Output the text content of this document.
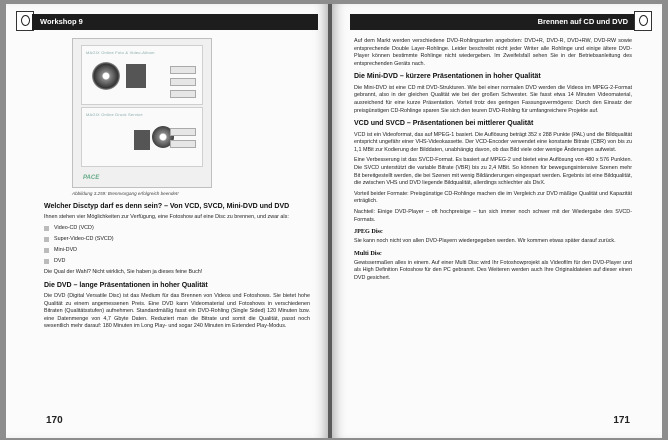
Workshop 9
MAGIX Online Foto & Video-Album
MAGIX Online Druck Service
PACE
Abbildung 3.259: Brennvorgang erfolgreich beendet!
Welcher Disctyp darf es denn sein? – Von VCD, SVCD, Mini-DVD und DVD

Ihnen stehen vier Möglichkeiten zur Verfügung, eine Fotoshow auf eine Disc zu brennen, und zwar als:

Video-CD (VCD)
Super-Video-CD (SVCD)
Mini-DVD
DVD

Die Qual der Wahl? Nicht wirklich, Sie haben ja dieses feine Buch!

Die DVD – lange Präsentationen in hoher Qualität

Die DVD (Digital Versatile Disc) ist das Medium für das Brennen von Videos und Fotoshows. Sie bietet hohe Qualität zu einem angemessenen Preis. Eine DVD kann Videomaterial und Fotoshows in verschiedenen Bitraten (Qualitätsstufen) aufnehmen. Standardmäßig fasst ein DVD-Rohling (Single Sided) 120 Minuten bzw. eine Datenmenge von 4,7 Gbyte Daten. Reduziert man die Bitrate und somit die Qualität, passt noch wesentlich mehr darauf: 180 Minuten im Long Play- und sogar 240 Minuten im Extended Play-Modus.

170
Brennen auf CD und DVD

Auf dem Markt werden verschiedene DVD-Rohlingsarten angeboten: DVD+R, DVD-R, DVD+RW, DVD-RW sowie entsprechende Double Layer-Rohlinge. Leider beschreibt nicht jeder Writer alle Rohlinge und einige ältere DVD-Player können bestimmte Rohlinge nicht wiedergeben. Im Zweifelsfall sehen Sie in der Betriebsanleitung des entsprechenden Geräts nach.

Die Mini-DVD – kürzere Präsentationen in hoher Qualität

Die Mini-DVD ist eine CD mit DVD-Strukturen. Wie bei einer normalen DVD werden die Videos im MPEG-2-Format gebrannt, also in der gleichen Qualität wie bei der großen Schwester. Sie fasst etwa 14 Minuten Videomaterial, ausreichend für eine kurze Präsentation. Vorteil trotz des geringen Fassungsvermögens: Durch den Einsatz der preisgünstigen CD-Rohlinge sparen Sie sich den teuren DVD-Rohling für umfangreichere Projekte auf.

VCD und SVCD – Präsentationen bei mittlerer Qualität

VCD ist ein Videoformat, das auf MPEG-1 basiert. Die Auflösung beträgt 352 x 288 Punkte (PAL) und die Bildqualität entspricht ungefähr einer VHS-Videokassette. Der VCD-Encoder verwendet eine konstante Bitrate (CBR) von bis zu 1,1 MBit zur Kodierung der Bilddaten, unabhängig davon, ob das Bild viele oder wenige Änderungen aufweist.

Eine Verbesserung ist das SVCD-Format. Es basiert auf MPEG-2 und bietet eine Auflösung von 480 x 576 Punkten. Die SVCD unterstützt die variable Bitrate (VBR) bis zu 2,4 MBit. So können für bewegungsintensive Szenen mehr Bit bereitgestellt werden, die bei Szenen mit wenig Bildänderungen eingespart werden. Ergebnis ist eine Bildqualität, die zwischen VHS und DVD liegende Bildqualität, allerdings schlechter als DivX.

Vorteil beider Formate: Preisgünstige CD-Rohlinge machen die im Vergleich zur DVD mäßige Qualität und Kapazität erträglich.

Nachteil: Einige DVD-Player – oft hochpreisige – tun sich immer noch schwer mit der Wiedergabe des SVCD-Formats.

JPEG Disc

Sie kann noch nicht von allen DVD-Playern wiedergegeben werden. Wir kommen etwas später darauf zurück.

Multi Disc

Gewissermaßen alles in einem. Auf einer Multi Disc wird Ihr Fotoshowprojekt als Videofilm für den DVD-Player und als High Definition Fotoshow für den PC gebrannt. Des Weiteren werden auch Ihre Originaldateien auf dieser einen DVD gesichert.

171
